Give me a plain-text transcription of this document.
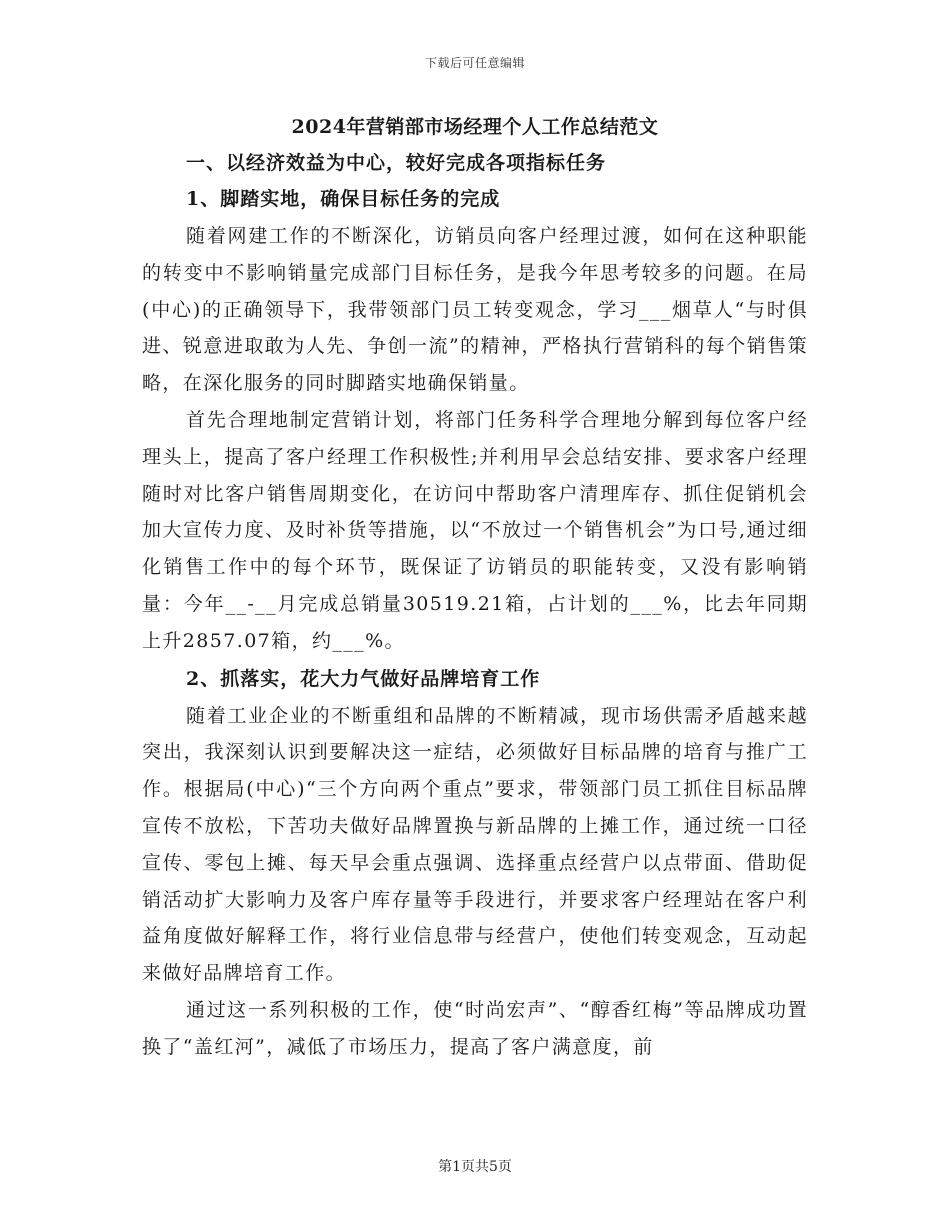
下载后可任意编辑
2024年营销部市场经理个人工作总结范文
一、以经济效益为中心，较好完成各项指标任务
1、脚踏实地，确保目标任务的完成

随着网建工作的不断深化，访销员向客户经理过渡，如何在这种职能的转变中不影响销量完成部门目标任务，是我今年思考较多的问题。在局(中心)的正确领导下，我带领部门员工转变观念，学习___烟草人“与时俱进、锐意进取敢为人先、争创一流”的精神，严格执行营销科的每个销售策略，在深化服务的同时脚踏实地确保销量。

首先合理地制定营销计划，将部门任务科学合理地分解到每位客户经理头上，提高了客户经理工作积极性;并利用早会总结安排、要求客户经理随时对比客户销售周期变化，在访问中帮助客户清理库存、抓住促销机会加大宣传力度、及时补货等措施，以“不放过一个销售机会”为口号,通过细化销售工作中的每个环节，既保证了访销员的职能转变，又没有影响销量：今年__-__月完成总销量30519.21箱，占计划的___%，比去年同期上升2857.07箱，约___%。

2、抓落实，花大力气做好品牌培育工作

随着工业企业的不断重组和品牌的不断精减，现市场供需矛盾越来越突出，我深刻认识到要解决这一症结，必须做好目标品牌的培育与推广工作。根据局(中心)“三个方向两个重点”要求，带领部门员工抓住目标品牌宣传不放松，下苦功夫做好品牌置换与新品牌的上摊工作，通过统一口径宣传、零包上摊、每天早会重点强调、选择重点经营户以点带面、借助促销活动扩大影响力及客户库存量等手段进行，并要求客户经理站在客户利益角度做好解释工作，将行业信息带与经营户，使他们转变观念，互动起来做好品牌培育工作。

通过这一系列积极的工作，使“时尚宏声”、“醇香红梅”等品牌成功置换了“盖红河”，减低了市场压力，提高了客户满意度，前

第1页共5页
